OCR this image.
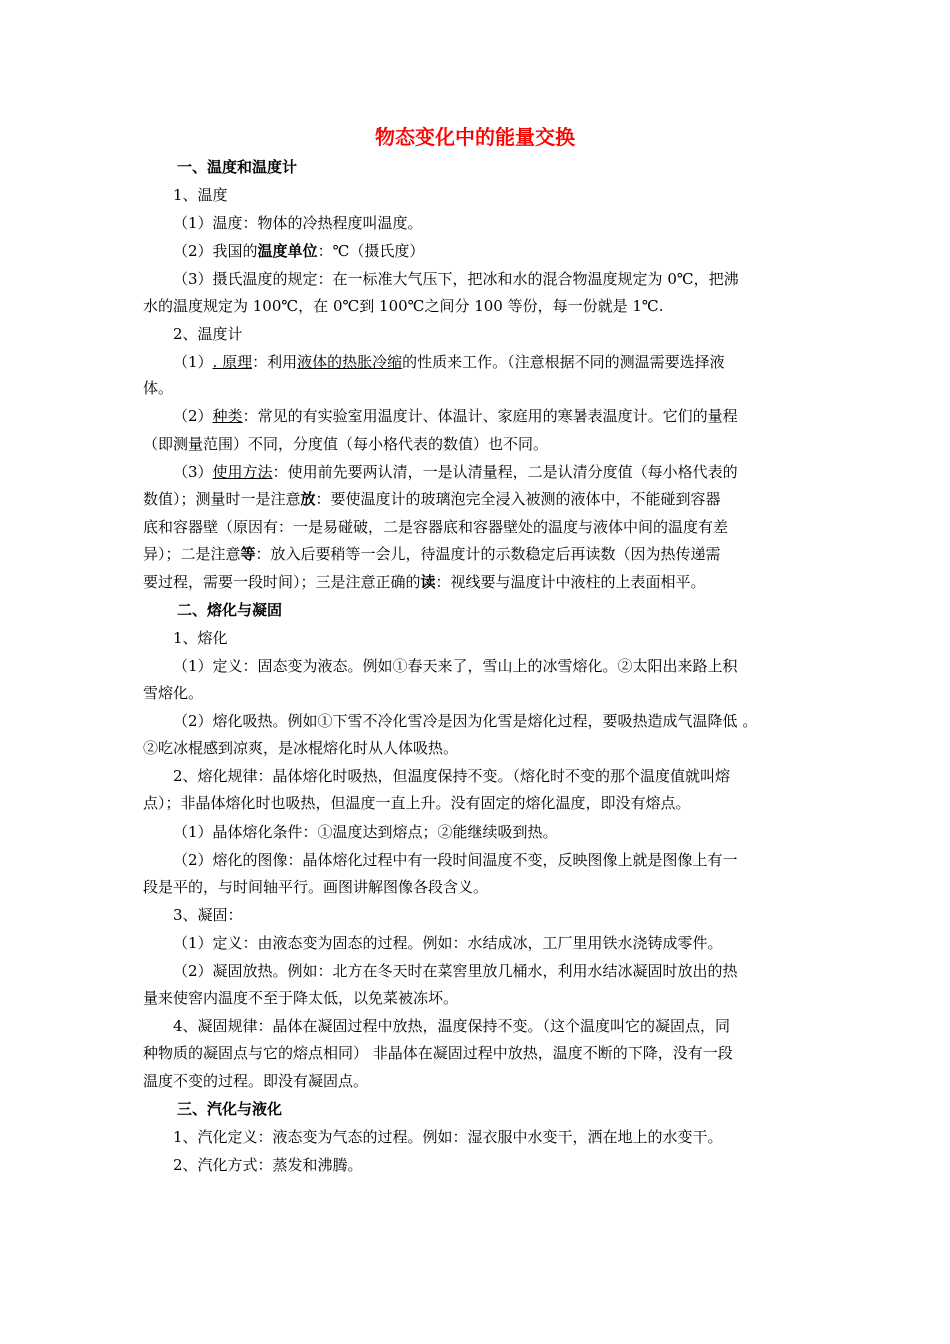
物态变化中的能量交换
一、温度和温度计
1、温度
（1）温度：物体的冷热程度叫温度。
（2）我国的温度单位：℃（摄氏度）
（3）摄氏温度的规定：在一标准大气压下，把冰和水的混合物温度规定为 0℃，把沸
水的温度规定为 100℃，在 0℃到 100℃之间分 100 等份，每一份就是 1℃.
2、温度计
（1）. 原理：利用液体的热胀冷缩的性质来工作。（注意根据不同的测温需要选择液
体。
（2）种类：常见的有实验室用温度计、体温计、家庭用的寒暑表温度计。它们的量程
（即测量范围）不同，分度值（每小格代表的数值）也不同。
（3）使用方法：使用前先要两认清，一是认清量程，二是认清分度值（每小格代表的
数值）；测量时一是注意放：要使温度计的玻璃泡完全浸入被测的液体中，不能碰到容器
底和容器壁（原因有：一是易碰破，二是容器底和容器壁处的温度与液体中间的温度有差
异）；二是注意等：放入后要稍等一会儿，待温度计的示数稳定后再读数（因为热传递需
要过程，需要一段时间）；三是注意正确的读：视线要与温度计中液柱的上表面相平。
二、熔化与凝固
1、熔化
（1）定义：固态变为液态。例如①春天来了，雪山上的冰雪熔化。②太阳出来路上积
雪熔化。
（2）熔化吸热。例如①下雪不冷化雪冷是因为化雪是熔化过程，要吸热造成气温降低 。
②吃冰棍感到凉爽，是冰棍熔化时从人体吸热。
2、熔化规律：晶体熔化时吸热，但温度保持不变。（熔化时不变的那个温度值就叫熔
点）；非晶体熔化时也吸热，但温度一直上升。没有固定的熔化温度，即没有熔点。
（1）晶体熔化条件：①温度达到熔点；②能继续吸到热。
（2）熔化的图像：晶体熔化过程中有一段时间温度不变，反映图像上就是图像上有一
段是平的，与时间轴平行。画图讲解图像各段含义。
3、凝固：
（1）定义：由液态变为固态的过程。例如：水结成冰，工厂里用铁水浇铸成零件。
（2）凝固放热。例如：北方在冬天时在菜窖里放几桶水，利用水结冰凝固时放出的热
量来使窖内温度不至于降太低，以免菜被冻坏。
4、凝固规律：晶体在凝固过程中放热，温度保持不变。（这个温度叫它的凝固点，同
种物质的凝固点与它的熔点相同） 非晶体在凝固过程中放热，温度不断的下降，没有一段
温度不变的过程。即没有凝固点。
三、汽化与液化
1、汽化定义：液态变为气态的过程。例如：湿衣服中水变干，洒在地上的水变干。
2、汽化方式：蒸发和沸腾。
